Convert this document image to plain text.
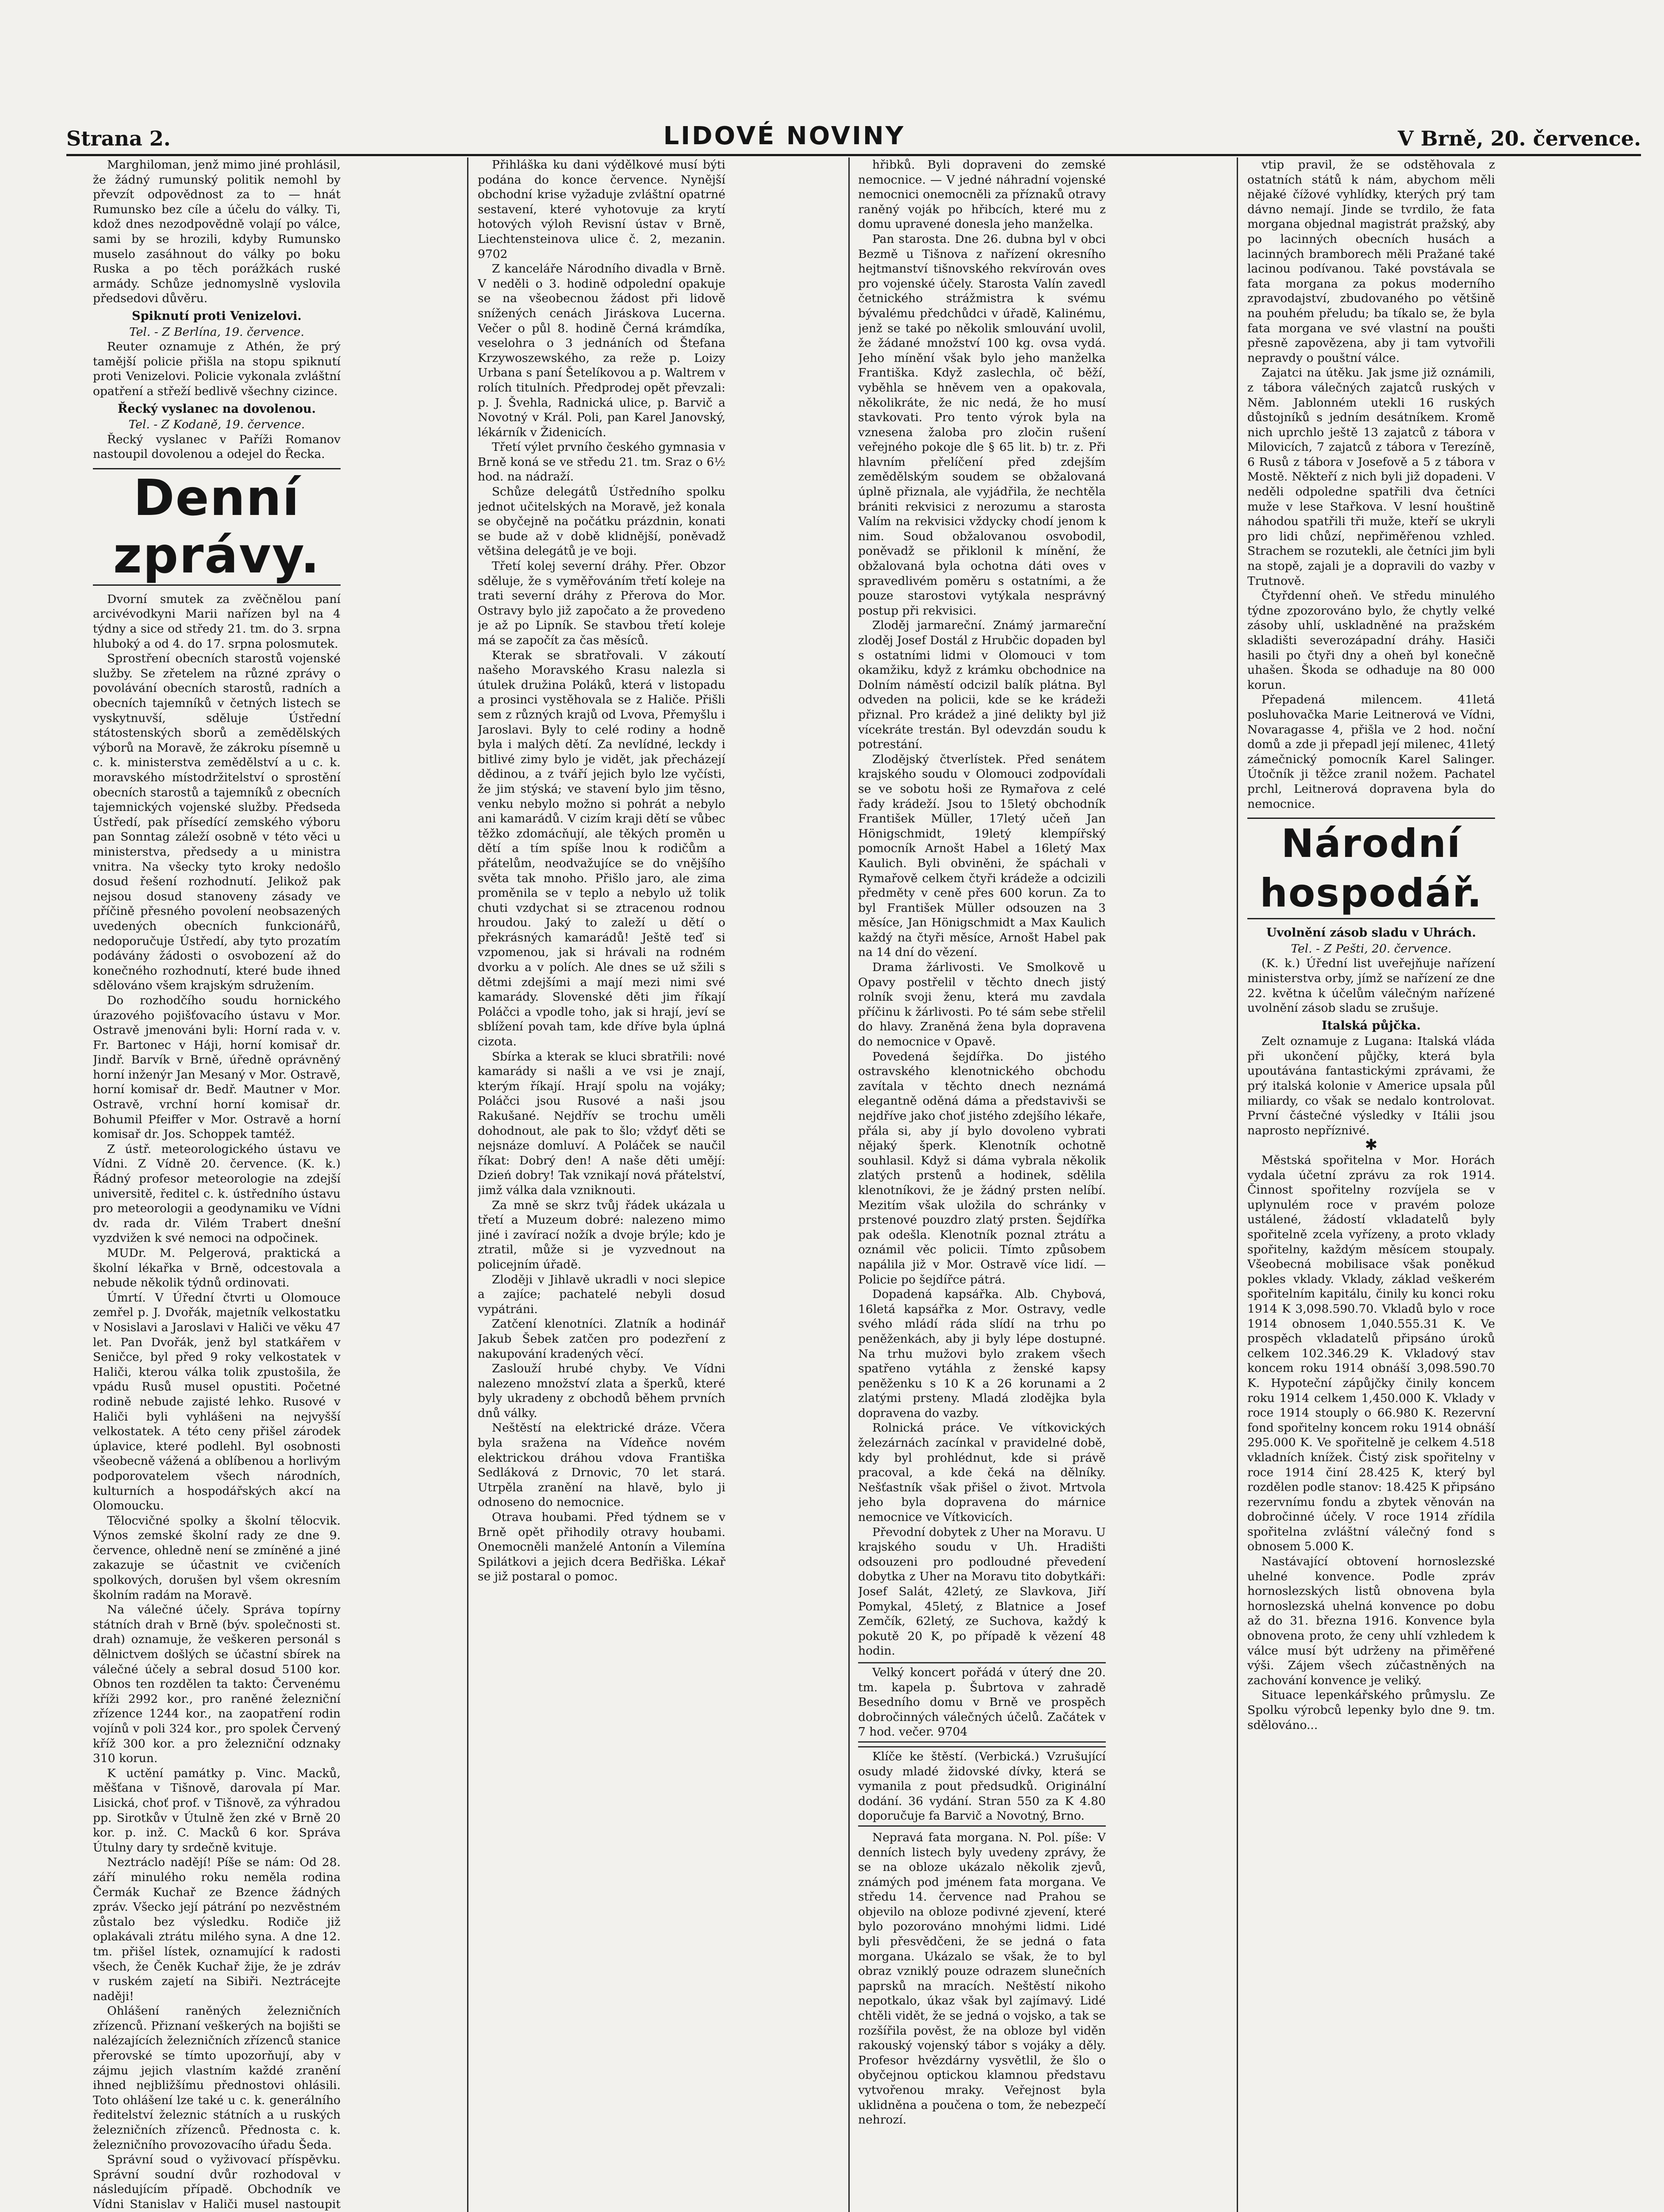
Strana 2.	LIDOVÉ NOVINY	V Brně, 20. července.

Marghiloman, jenž mimo jiné prohlásil, že žádný rumunský politik nemohl by převzít odpovědnost za to — hnát Rumunsko bez cíle a účelu do války. Ti, kdož dnes nezodpovědně volají po válce, sami by se hrozili, kdyby Rumunsko muselo zasáhnout do války po boku Ruska a po těch porážkách ruské armády. Schůze jednomyslně vyslovila předsedovi důvěru.

Spiknutí proti Venizelovi.

Tel. - Z Berlína, 19. července.

Reuter oznamuje z Athén, že prý tamější policie přišla na stopu spiknutí proti Venizelovi. Policie vykonala zvláštní opatření a střeží bedlivě všechny cizince.

Řecký vyslanec na dovolenou.

Tel. - Z Kodaně, 19. července.

Řecký vyslanec v Paříži Romanov nastoupil dovolenou a odejel do Řecka.

Denní zprávy.

Dvorní smutek za zvěčnělou paní arcivévodkyni Marii nařízen byl na 4 týdny a sice od středy 21. tm. do 3. srpna hluboký a od 4. do 17. srpna polosmutek.

Sprostření obecních starostů vojenské služby. Se zřetelem na různé zprávy o povolávání obecních starostů, radních a obecních tajemníků v četných listech se vyskytnuvší, sděluje Ústřední státostenských sborů a zemědělských výborů na Moravě, že zákroku písemně u c. k. ministerstva zemědělství a u c. k. moravského místodržitelství o sprostění obecních starostů a tajemníků z obecních tajemnických vojenské služby. Předseda Ústředí, pak přísedící zemského výboru pan Sonntag záleží osobně v této věci u ministerstva, předsedy a u ministra vnitra. Na všecky tyto kroky nedošlo dosud řešení rozhodnutí. Jelikož pak nejsou dosud stanoveny zásady ve příčině přesného povolení neobsazených uvedených obecních funkcionářů, nedoporučuje Ústředí, aby tyto prozatím podávány žádosti o osvobození až do konečného rozhodnutí, které bude ihned sdělováno všem krajským sdružením.

Do rozhodčího soudu hornického úrazového pojišťovacího ústavu v Mor. Ostravě jmenováni byli: Horní rada v. v. Fr. Bartonec v Háji, horní komisař dr. Jindř. Barvík v Brně, úředně oprávněný horní inženýr Jan Mesaný v Mor. Ostravě, horní komisař dr. Bedř. Mautner v Mor. Ostravě, vrchní horní komisař dr. Bohumil Pfeiffer v Mor. Ostravě a horní komisař dr. Jos. Schoppek tamtéž.

Z ústř. meteorologického ústavu ve Vídni. Z Vídně 20. července. (K. k.) Řádný profesor meteorologie na zdejší universitě, ředitel c. k. ústředního ústavu pro meteorologii a geodynamiku ve Vídni dv. rada dr. Vilém Trabert dnešní vyzdvižen k své nemoci na odpočinek.

MUDr. M. Pelgerová, praktická a školní lékařka v Brně, odcestovala a nebude několik týdnů ordinovati.

Úmrtí. V Úřední čtvrti u Olomouce zemřel p. J. Dvořák, majetník velkostatku v Nosislavi a Jaroslavi v Haliči ve věku 47 let. Pan Dvořák, jenž byl statkářem v Seničce, byl před 9 roky velkostatek v Haliči, kterou válka tolik zpustošila, že vpádu Rusů musel opustiti. Početné rodině nebude zajisté lehko. Rusové v Haliči byli vyhlášeni na nejvyšší velkostatek. A této ceny přišel zárodek úplavice, které podlehl. Byl osobnosti všeobecně vážená a oblíbenou a horlivým podporovatelem všech národních, kulturních a hospodářských akcí na Olomoucku.

Tělocvičné spolky a školní tělocvik. Výnos zemské školní rady ze dne 9. července, ohledně není se zmíněné a jiné zakazuje se účastnit ve cvičeních spolkových, dorušen byl všem okresním školním radám na Moravě.

Na válečné účely. Správa topírny státních drah v Brně (býv. společnosti st. drah) oznamuje, že veškeren personál s dělnictvem došlých se účastní sbírek na válečné účely a sebral dosud 5100 kor. Obnos ten rozdělen ta takto: Červenému kříži 2992 kor., pro raněné železniční zřízence 1244 kor., na zaopatření rodin vojínů v poli 324 kor., pro spolek Červený kříž 300 kor. a pro železniční odznaky 310 korun.

K uctění památky p. Vinc. Macků, měšťana v Tišnově, darovala pí Mar. Lisická, choť prof. v Tišnově, za výhradou pp. Sirotkův v Útulně žen zké v Brně 20 kor. p. inž. C. Macků 6 kor. Správa Útulny dary ty srdečně kvituje.

Neztráclo nadějí! Píše se nám: Od 28. září minulého roku neměla rodina Čermák Kuchař ze Bzence žádných zpráv. Všecko její pátrání po nezvěstném zůstalo bez výsledku. Rodiče již oplakávali ztrátu milého syna. A dne 12. tm. přišel lístek, oznamující k radosti všech, že Čeněk Kuchař žije, že je zdráv v ruském zajetí na Sibiři. Neztrácejte naději!

Ohlášení raněných železničních zřízenců. Přiznaní veškerých na bojišti se nalézajících železničních zřízenců stanice přerovské se tímto upozorňují, aby v zájmu jejich vlastním každé zranění ihned nejbližšímu přednostovi ohlásili. Toto ohlášení lze také u c. k. generálního ředitelství železnic státních a u ruských železničních zřízenců. Přednosta c. k. železničního provozovacího úřadu Šeda.

Správní soud o vyživovací příspěvku. Správní soudní dvůr rozhodoval v následujícím případě. Obchodník ve Vídni Stanislav v Haliči musel nastoupit

Přihláška ku dani výdělkové musí býti podána do konce července. Nynější obchodní krise vyžaduje zvláštní opatrné sestavení, které vyhotovuje za krytí hotových výloh Revisní ústav v Brně, Liechtensteinova ulice č. 2, mezanin. 9702

Z kanceláře Národního divadla v Brně. V neděli o 3. hodině odpolední opakuje se na všeobecnou žádost při lidově snížených cenách Jiráskova Lucerna. Večer o půl 8. hodině Černá krámdíka, veselohra o 3 jednáních od Štefana Krzywoszewského, za reže p. Loizy Urbana s paní Šetelíkovou a p. Waltrem v rolích titulních. Předprodej opět převzali: p. J. Švehla, Radnická ulice, p. Barvič a Novotný v Král. Poli, pan Karel Janovský, lékárník v Židenicích.

Třetí výlet prvního českého gymnasia v Brně koná se ve středu 21. tm. Sraz o 6½ hod. na nádraží.

Schůze delegátů Ústředního spolku jednot učitelských na Moravě, jež konala se obyčejně na počátku prázdnin, konati se bude až v době klidnější, poněvadž většina delegátů je ve boji.

Třetí kolej severní dráhy. Přer. Obzor sděluje, že s vyměřováním třetí koleje na trati severní dráhy z Přerova do Mor. Ostravy bylo již započato a že provedeno je až po Lipník. Se stavbou třetí koleje má se započít za čas měsíců.

Kterak se sbratřovali. V zákoutí našeho Moravského Krasu nalezla si útulek družina Poláků, která v listopadu a prosinci vystěhovala se z Haliče. Přišli sem z různých krajů od Lvova, Přemyšlu i Jaroslavi. Byly to celé rodiny a hodně byla i malých dětí. Za nevlídné, leckdy i bitlivé zimy bylo je vidět, jak přecházejí dědinou, a z tváří jejich bylo lze vyčísti, že jim stýská; ve stavení bylo jim těsno, venku nebylo možno si pohrát a nebylo ani kamarádů. V cizím kraji dětí se vůbec těžko zdomácňují, ale těkých proměn u dětí a tím spíše lnou k rodičům a přátelům, neodvažujíce se do vnějšího světa tak mnoho. Přišlo jaro, ale zima proměnila se v teplo a nebylo už tolik chuti vzdychat si se ztracenou rodnou hroudou. Jaký to zaleží u dětí o překrásných kamarádů! Ještě teď si vzpomenou, jak si hrávali na rodném dvorku a v polích. Ale dnes se už sžili s dětmi zdejšími a mají mezi nimi své kamarády. Slovenské děti jim říkají Poláčci a vpodle toho, jak si hrají, jeví se sblížení povah tam, kde dříve byla úplná cizota.

Sbírka a kterak se kluci sbratřili: nové kamarády si našli a ve vsi je znají, kterým říkají. Hrají spolu na vojáky; Poláčci jsou Rusové a naši jsou Rakušané. Nejdřív se trochu uměli dohodnout, ale pak to šlo; vždyť děti se nejsnáze domluví. A Poláček se naučil říkat: Dobrý den! A naše děti umějí: Dzień dobry! Tak vznikají nová přátelství, jimž válka dala vzniknouti.

Za mně se skrz tvůj řádek ukázala u třetí a Muzeum dobré: nalezeno mimo jiné i zavírací nožík a dvoje brýle; kdo je ztratil, může si je vyzvednout na policejním úřadě.

Zloději v Jihlavě ukradli v noci slepice a zajíce; pachatelé nebyli dosud vypátráni.

Zatčení klenotníci. Zlatník a hodinář Jakub Šebek zatčen pro podezření z nakupování kradených věcí.

Zaslouží hrubé chyby. Ve Vídni nalezeno množství zlata a šperků, které byly ukradeny z obchodů během prvních dnů války.

Neštěstí na elektrické dráze. Včera byla sražena na Vídeňce novém elektrickou dráhou vdova Františka Sedláková z Drnovic, 70 let stará. Utrpěla zranění na hlavě, bylo ji odnoseno do nemocnice.

Otrava houbami. Před týdnem se v Brně opět přihodily otravy houbami. Onemocněli manželé Antonín a Vilemína Spilátkovi a jejich dcera Bedřiška. Lékař se již postaral o pomoc.

hřibků. Byli dopraveni do zemské nemocnice. — V jedné náhradní vojenské nemocnici onemocněli za příznaků otravy raněný voják po hřibcích, které mu z domu upravené donesla jeho manželka.

Pan starosta. Dne 26. dubna byl v obci Bezmě u Tišnova z nařízení okresního hejtmanství tišnovského rekvírován oves pro vojenské účely. Starosta Valín zavedl četnického strážmistra k svému bývalému předchůdci v úřadě, Kalinému, jenž se také po několik smlouvání uvolil, že žádané množství 100 kg. ovsa vydá. Jeho mínění však bylo jeho manželka Františka. Když zaslechla, oč běží, vyběhla se hněvem ven a opakovala, několikráte, že nic nedá, že ho musí stavkovati. Pro tento výrok byla na vznesena žaloba pro zločin rušení veřejného pokoje dle § 65 lit. b) tr. z. Při hlavním přelíčení před zdejším zemědělským soudem se obžalovaná úplně přiznala, ale vyjádřila, že nechtěla brániti rekvisici z nerozumu a starosta Valím na rekvisici vždycky chodí jenom k nim. Soud obžalovanou osvobodil, poněvadž se přiklonil k mínění, že obžalovaná byla ochotna dáti oves v spravedlivém poměru s ostatními, a že pouze starostovi vytýkala nesprávný postup při rekvisici.

Zloděj jarmareční. Známý jarmareční zloděj Josef Dostál z Hrubčic dopaden byl s ostatními lidmi v Olomouci v tom okamžiku, když z krámku obchodnice na Dolním náměstí odcizil balík plátna. Byl odveden na policii, kde se ke krádeži přiznal. Pro krádež a jiné delikty byl již vícekráte trestán. Byl odevzdán soudu k potrestání.

Zlodějský čtverlístek. Před senátem krajského soudu v Olomouci zodpovídali se ve sobotu hoši ze Rymařova z celé řady krádeží. Jsou to 15letý obchodník František Müller, 17letý učeň Jan Hönigschmidt, 19letý klempířský pomocník Arnošt Habel a 16letý Max Kaulich. Byli obviněni, že spáchali v Rymařově celkem čtyři krádeže a odcizili předměty v ceně přes 600 korun. Za to byl František Müller odsouzen na 3 měsíce, Jan Hönigschmidt a Max Kaulich každý na čtyři měsíce, Arnošt Habel pak na 14 dní do vězení.

Drama žárlivosti. Ve Smolkově u Opavy postřelil v těchto dnech jistý rolník svoji ženu, která mu zavdala příčinu k žárlivosti. Po té sám sebe střelil do hlavy. Zraněná žena byla dopravena do nemocnice v Opavě.

Povedená šejdířka. Do jistého ostravského klenotnického obchodu zavítala v těchto dnech neznámá elegantně oděná dáma a představivši se nejdříve jako choť jistého zdejšího lékaře, přála si, aby jí bylo dovoleno vybrati nějaký šperk. Klenotník ochotně souhlasil. Když si dáma vybrala několik zlatých prstenů a hodinek, sdělila klenotníkovi, že je žádný prsten nelíbí. Mezitím však uložila do schránky v prstenové pouzdro zlatý prsten. Šejdířka pak odešla. Klenotník poznal ztrátu a oznámil věc policii. Tímto způsobem napálila již v Mor. Ostravě více lidí. — Policie po šejdířce pátrá.

Dopadená kapsářka. Alb. Chybová, 16letá kapsářka z Mor. Ostravy, vedle svého mládí ráda slídí na trhu po peněženkách, aby ji byly lépe dostupné. Na trhu mužovi bylo zrakem všech spatřeno vytáhla z ženské kapsy peněženku s 10 K a 26 korunami a 2 zlatými prsteny. Mladá zlodějka byla dopravena do vazby.

Rolnická práce. Ve vítkovických železárnách zacínkal v pravidelné době, kdy byl prohlédnut, kde si právě pracoval, a kde čeká na dělníky. Nešťastník však přišel o život. Mrtvola jeho byla dopravena do márnice nemocnice ve Vítkovicích.

Převodní dobytek z Uher na Moravu. U krajského soudu v Uh. Hradišti odsouzeni pro podloudné převedení dobytka z Uher na Moravu tito dobytkáři: Josef Salát, 42letý, ze Slavkova, Jiří Pomykal, 45letý, z Blatnice a Josef Zemčík, 62letý, ze Suchova, každý k pokutě 20 K, po případě k vězení 48 hodin.

Velký koncert pořádá v úterý dne 20. tm. kapela p. Šubrtova v zahradě Besedního domu v Brně ve prospěch dobročinných válečných účelů. Začátek v 7 hod. večer. 9704

Klíče ke štěstí. (Verbická.) Vzrušující osudy mladé židovské dívky, která se vymanila z pout předsudků. Originální dodání. 36 vydání. Stran 550 za K 4.80 doporučuje fa Barvič a Novotný, Brno.

Nepravá fata morgana. N. Pol. píše: V denních listech byly uvedeny zprávy, že se na obloze ukázalo několik zjevů, známých pod jménem fata morgana. Ve středu 14. července nad Prahou se objevilo na obloze podivné zjevení, které bylo pozorováno mnohými lidmi. Lidé byli přesvědčeni, že se jedná o fata morgana. Ukázalo se však, že to byl obraz vzniklý pouze odrazem slunečních paprsků na mracích. Neštěstí nikoho nepotkalo, úkaz však byl zajímavý. Lidé chtěli vidět, že se jedná o vojsko, a tak se rozšířila pověst, že na obloze byl viděn rakouský vojenský tábor s vojáky a děly. Profesor hvězdárny vysvětlil, že šlo o obyčejnou optickou klamnou představu vytvořenou mraky. Veřejnost byla uklidněna a poučena o tom, že nebezpečí nehrozí.

vtip pravil, že se odstěhovala z ostatních států k nám, abychom měli nějaké čížové vyhlídky, kterých prý tam dávno nemají. Jinde se tvrdilo, že fata morgana objednal magistrát pražský, aby po lacinných obecních husách a lacinných bramborech měli Pražané také lacinou podívanou. Také povstávala se fata morgana za pokus moderního zpravodajství, zbudovaného po většině na pouhém přeludu; ba tíkalo se, že byla fata morgana ve své vlastní na poušti přesně zapovězena, aby ji tam vytvořili nepravdy o pouštní válce.

Zajatci na útěku. Jak jsme již oznámili, z tábora válečných zajatců ruských v Něm. Jablonném utekli 16 ruských důstojníků s jedním desátníkem. Kromě nich uprchlo ještě 13 zajatců z tábora v Milovicích, 7 zajatců z tábora v Terezíně, 6 Rusů z tábora v Josefově a 5 z tábora v Mostě. Někteří z nich byli již dopadeni. V neděli odpoledne spatřili dva četníci muže v lese Stařkova. V lesní houštině náhodou spatřili tři muže, kteří se ukryli pro lidi chůzí, nepřiměřenou vzhled. Strachem se rozutekli, ale četníci jim byli na stopě, zajali je a dopravili do vazby v Trutnově.

Čtyřdenní oheň. Ve středu minulého týdne zpozorováno bylo, že chytly velké zásoby uhlí, uskladněné na pražském skladišti severozápadní dráhy. Hasiči hasili po čtyři dny a oheň byl konečně uhašen. Škoda se odhaduje na 80 000 korun.

Přepadená milencem. 41letá posluhovačka Marie Leitnerová ve Vídni, Novaragasse 4, přišla ve 2 hod. noční domů a zde ji přepadl její milenec, 41letý zámečnický pomocník Karel Salinger. Útočník ji těžce zranil nožem. Pachatel prchl, Leitnerová dopravena byla do nemocnice.

Národní hospodář.
Uvolnění zásob sladu v Uhrách.

Tel. - Z Pešti, 20. července.

(K. k.) Úřední list uveřejňuje nařízení ministerstva orby, jímž se nařízení ze dne 22. května k účelům válečným nařízené uvolnění zásob sladu se zrušuje.

Italská půjčka.

Zelt oznamuje z Lugana: Italská vláda při ukončení půjčky, která byla upoutávána fantastickými zprávami, že prý italská kolonie v Americe upsala půl miliardy, co však se nedalo kontrolovat. První částečné výsledky v Itálii jsou naprosto nepříznivé.

✱

Městská spořitelna v Mor. Horách vydala účetní zprávu za rok 1914. Činnost spořitelny rozvíjela se v uplynulém roce v pravém poloze ustálené, žádostí vkladatelů byly spořitelně zcela vyřízeny, a proto vklady spořitelny, každým měsícem stoupaly. Všeobecná mobilisace však poněkud pokles vklady. Vklady, základ veškerém spořitelním kapitálu, činily ku konci roku 1914 K 3,098.590.70. Vkladů bylo v roce 1914 obnosem 1,040.555.31 K. Ve prospěch vkladatelů připsáno úroků celkem 102.346.29 K. Vkladový stav koncem roku 1914 obnáší 3,098.590.70 K. Hypoteční zápůjčky činily koncem roku 1914 celkem 1,450.000 K. Vklady v roce 1914 stouply o 66.980 K. Rezervní fond spořitelny koncem roku 1914 obnáší 295.000 K. Ve spořitelně je celkem 4.518 vkladních knížek. Čistý zisk spořitelny v roce 1914 činí 28.425 K, který byl rozdělen podle stanov: 18.425 K připsáno rezervnímu fondu a zbytek věnován na dobročinné účely. V roce 1914 zřídila spořitelna zvláštní válečný fond s obnosem 5.000 K.

Nastávající obtovení hornoslezské uhelné konvence. Podle zpráv hornoslezských listů obnovena byla hornoslezská uhelná konvence po dobu až do 31. března 1916. Konvence byla obnovena proto, že ceny uhlí vzhledem k válce musí být udrženy na přiměřené výši. Zájem všech zúčastněných na zachování konvence je veliký.

Situace lepenkářského průmyslu. Ze Spolku výrobců lepenky bylo dne 9. tm. sdělováno...
